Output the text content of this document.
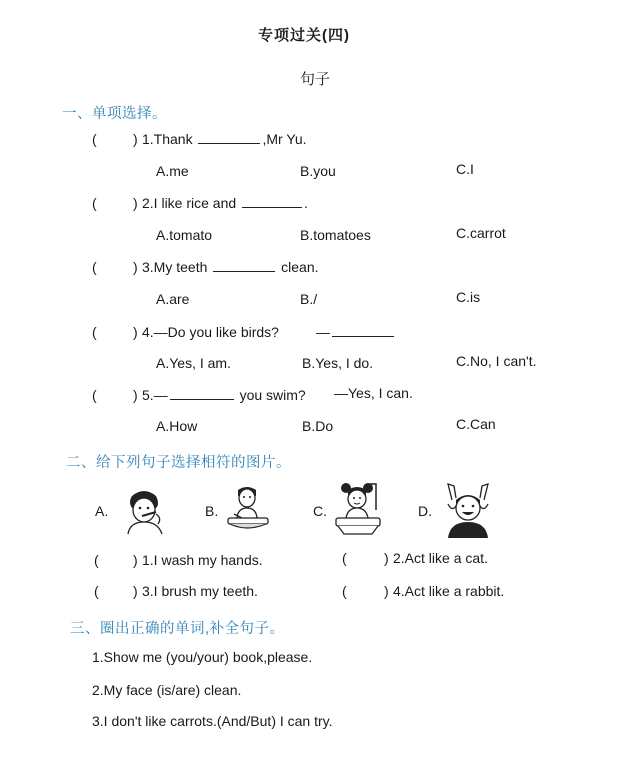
专项过关(四)
句子
一、单项选择。
(	) 1.Thank	,Mr Yu.
A.me	B.you	C.I
(	) 2.I like rice and	.
A.tomato	B.tomatoes	C.carrot
(	) 3.My teeth	clean.
A.are	B./	C.is
(	) 4.—Do you like birds?	—
A.Yes, I am.	B.Yes, I do.	C.No, I can't.
(	) 5.—	you swim? —Yes, I can.
A.How	B.Do	C.Can
二、给下列句子选择相符的图片。
A.	B.	C.	D.
( ) 1.I wash my hands.	(	) 2.Act like a cat.
( ) 3.I brush my teeth.	(	) 4.Act like a rabbit.
三、圈出正确的单词,补全句子。
1.Show me (you/your) book,please.
2.My face (is/are) clean.
3.I don't like carrots.(And/But) I can try.
